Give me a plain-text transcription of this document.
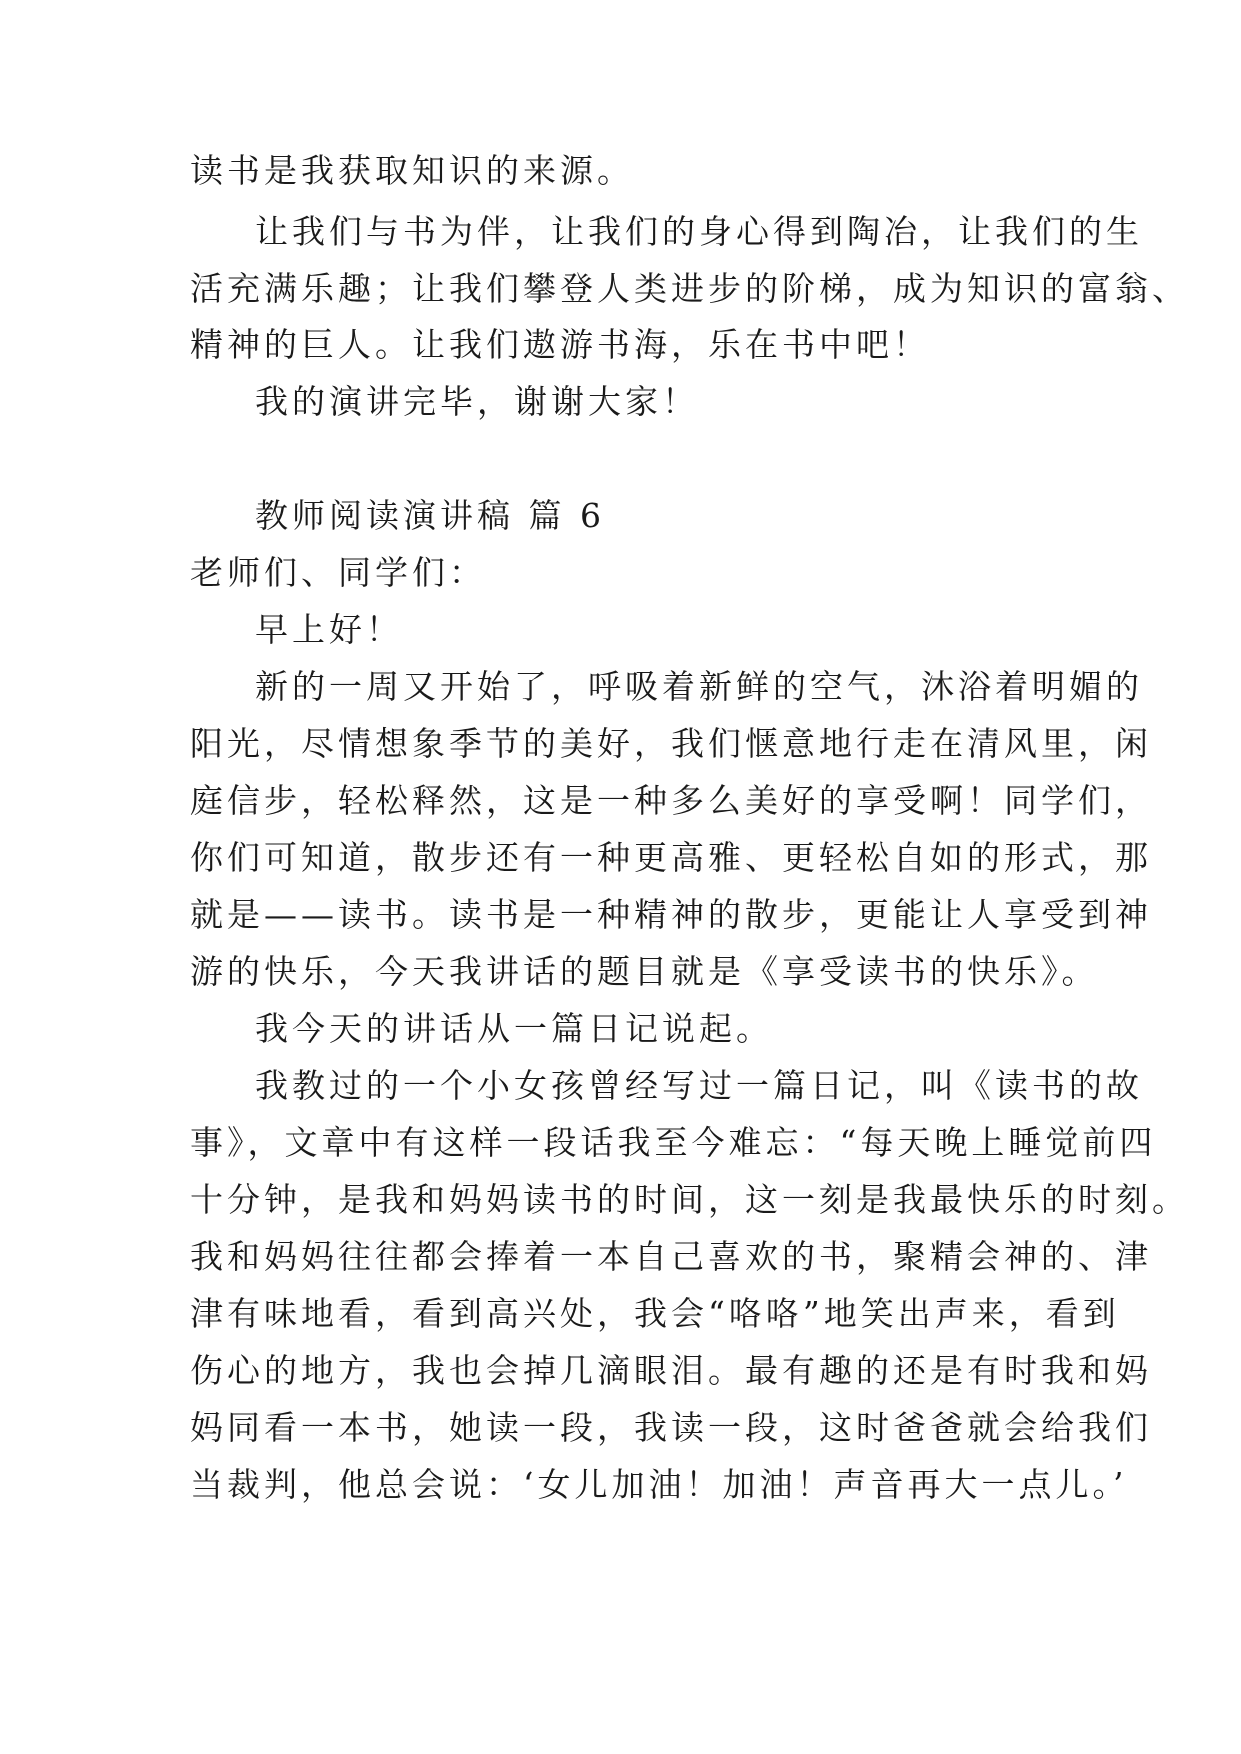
读书是我获取知识的来源。
让我们与书为伴，让我们的身心得到陶冶，让我们的生
活充满乐趣；让我们攀登人类进步的阶梯，成为知识的富翁、
精神的巨人。让我们遨游书海，乐在书中吧！
我的演讲完毕，谢谢大家！
教师阅读演讲稿 篇 6
老师们、同学们：
早上好！
新的一周又开始了，呼吸着新鲜的空气，沐浴着明媚的
阳光，尽情想象季节的美好，我们惬意地行走在清风里，闲
庭信步，轻松释然，这是一种多么美好的享受啊！同学们，
你们可知道，散步还有一种更高雅、更轻松自如的形式，那
就是——读书。读书是一种精神的散步，更能让人享受到神
游的快乐，今天我讲话的题目就是《享受读书的快乐》。
我今天的讲话从一篇日记说起。
我教过的一个小女孩曾经写过一篇日记，叫《读书的故
事》，文章中有这样一段话我至今难忘：“每天晚上睡觉前四
十分钟，是我和妈妈读书的时间，这一刻是我最快乐的时刻。
我和妈妈往往都会捧着一本自己喜欢的书，聚精会神的、津
津有味地看，看到高兴处，我会“咯咯”地笑出声来，看到
伤心的地方，我也会掉几滴眼泪。最有趣的还是有时我和妈
妈同看一本书，她读一段，我读一段，这时爸爸就会给我们
当裁判，他总会说：‘女儿加油！加油！声音再大一点儿。’
